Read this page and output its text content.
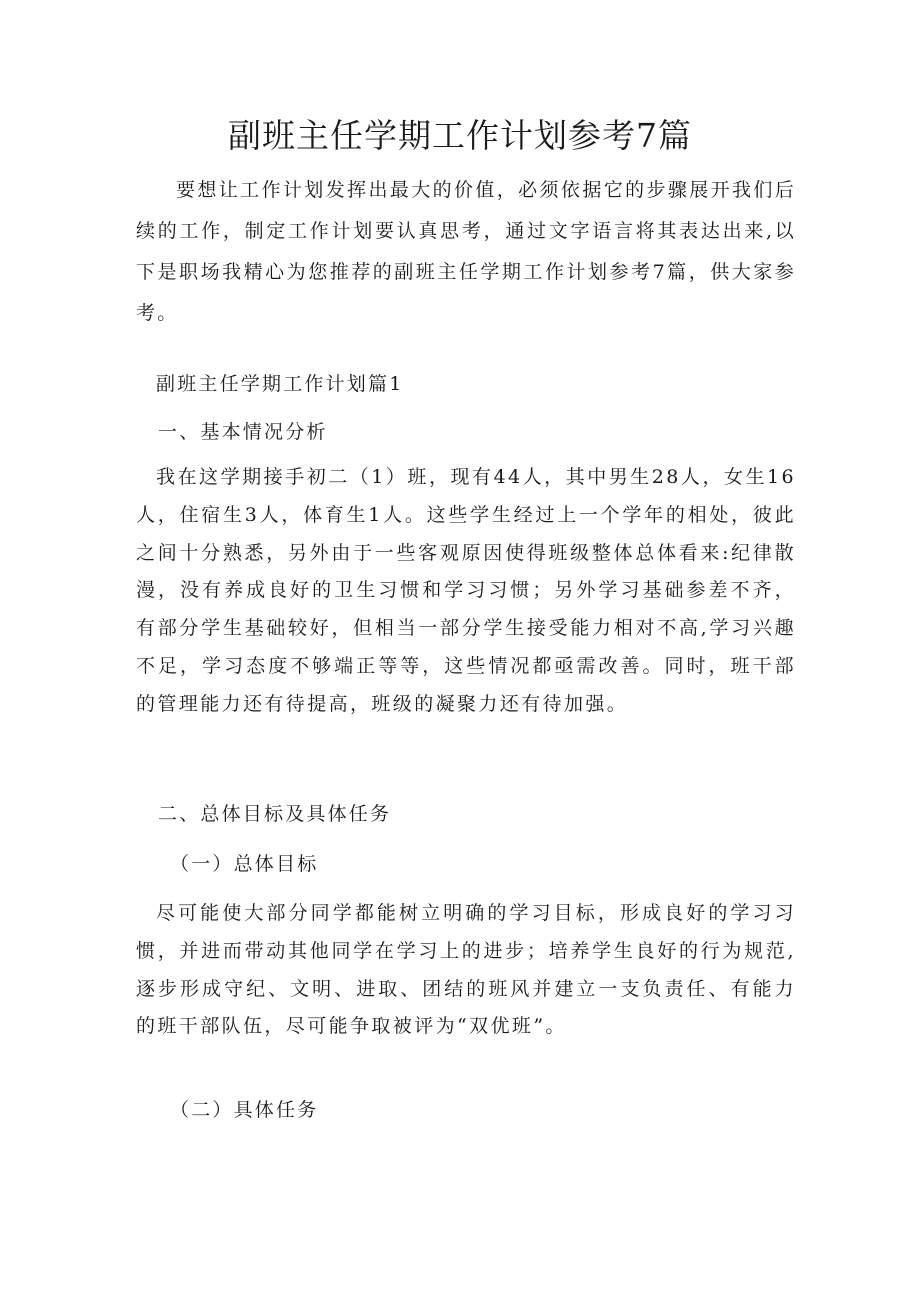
副班主任学期工作计划参考7篇

要想让工作计划发挥出最大的价值，必须依据它的步骤展开我们后续的工作，制定工作计划要认真思考，通过文字语言将其表达出来,以下是职场我精心为您推荐的副班主任学期工作计划参考7篇，供大家参考。

副班主任学期工作计划篇1

一、基本情况分析

我在这学期接手初二（1）班，现有44人，其中男生28人，女生16人，住宿生3人，体育生1人。这些学生经过上一个学年的相处，彼此之间十分熟悉，另外由于一些客观原因使得班级整体总体看来:纪律散漫，没有养成良好的卫生习惯和学习习惯；另外学习基础参差不齐，有部分学生基础较好，但相当一部分学生接受能力相对不高,学习兴趣不足，学习态度不够端正等等，这些情况都亟需改善。同时，班干部的管理能力还有待提高，班级的凝聚力还有待加强。

二、总体目标及具体任务

（一）总体目标

尽可能使大部分同学都能树立明确的学习目标，形成良好的学习习惯，并进而带动其他同学在学习上的进步；培养学生良好的行为规范,逐步形成守纪、文明、进取、团结的班风并建立一支负责任、有能力的班干部队伍，尽可能争取被评为“双优班”。

（二）具体任务
